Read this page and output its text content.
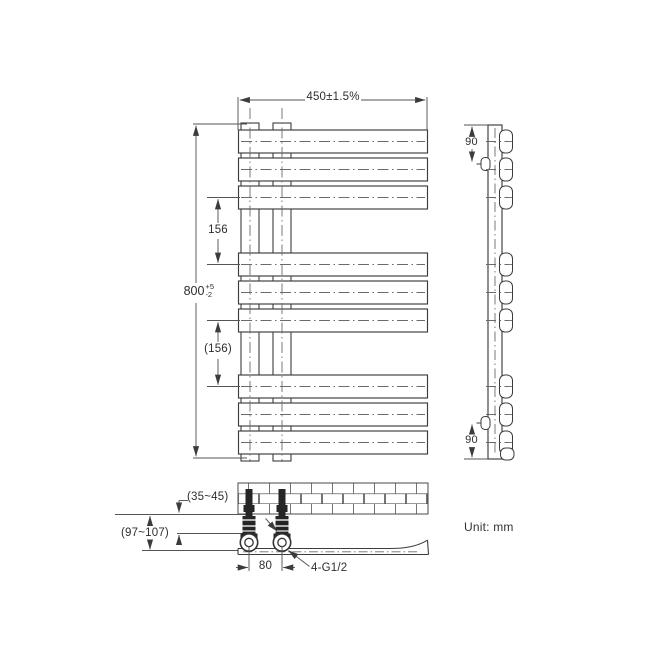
450±1.5%
800 +5
-2
156
(156)
90
90
(35~45)
(97~107)
80	4-G1/2
Unit: mm
